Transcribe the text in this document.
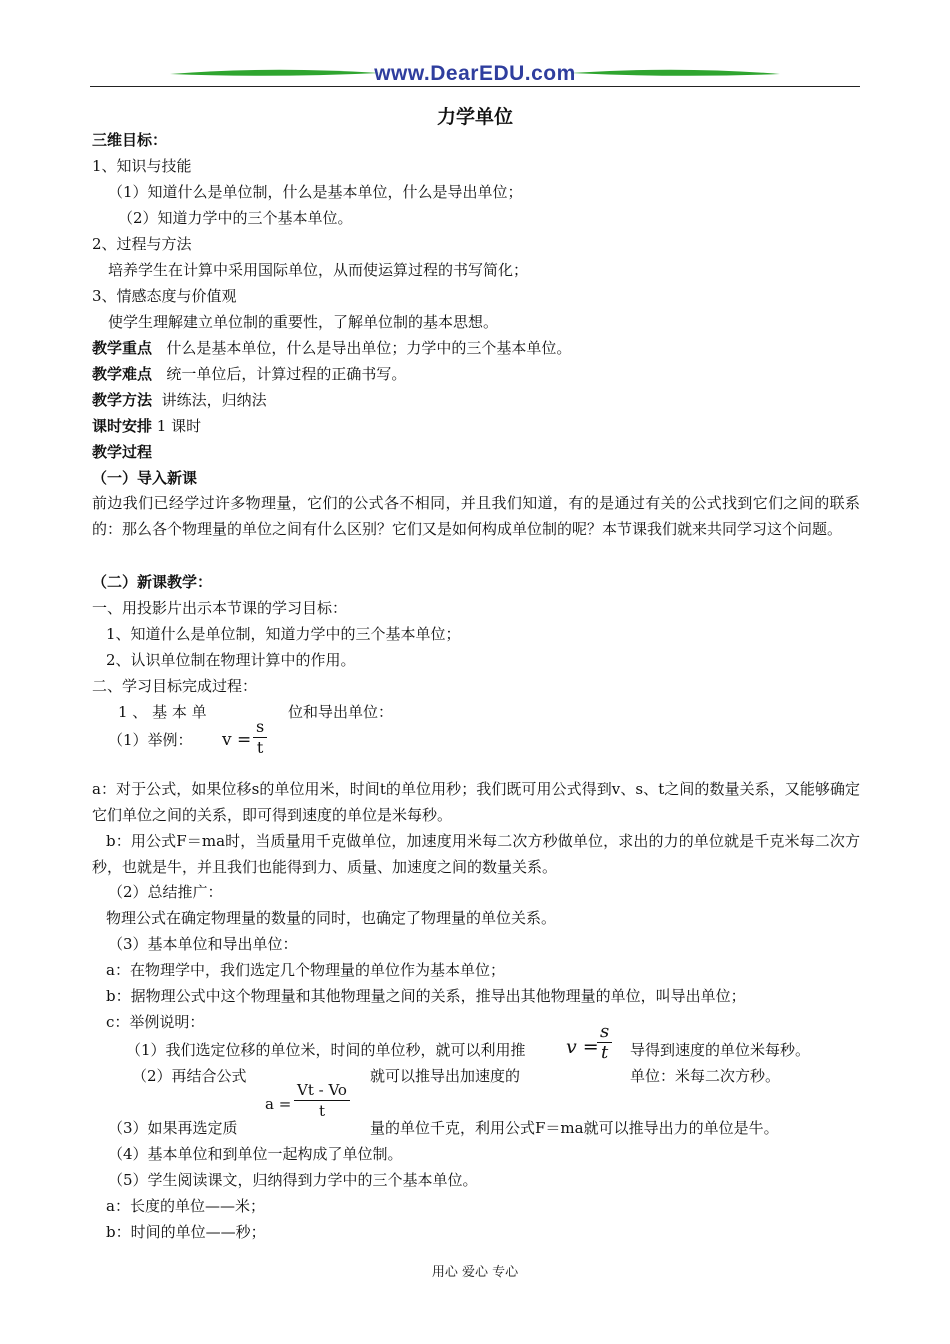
www.DearEDU.com
力学单位
三维目标：
1、知识与技能
（1）知道什么是单位制，什么是基本单位，什么是导出单位；
（2）知道力学中的三个基本单位。
2、过程与方法
培养学生在计算中采用国际单位，从而使运算过程的书写简化；
3、情感态度与价值观
使学生理解建立单位制的重要性，了解单位制的基本思想。
教学重点 什么是基本单位，什么是导出单位；力学中的三个基本单位。
教学难点 统一单位后，计算过程的正确书写。
教学方法 讲练法，归纳法
课时安排 1 课时
教学过程
（一）导入新课
前边我们已经学过许多物理量，它们的公式各不相同，并且我们知道，有的是通过有关的公式找到它们之间的联系的：那么各个物理量的单位之间有什么区别？它们又是如何构成单位制的呢？本节课我们就来共同学习这个问题。
（二）新课教学：
一、用投影片出示本节课的学习目标：
1、知道什么是单位制，知道力学中的三个基本单位；
2、认识单位制在物理计算中的作用。
二、学习目标完成过程：
1 、 基 本 单	位和导出单位：
（1）举例： $v = \frac{s}{t}$
a：对于公式，如果位移s的单位用米，时间t的单位用秒；我们既可用公式得到v、s、t之间的数量关系，又能够确定它们单位之间的关系，即可得到速度的单位是米每秒。
b：用公式F＝ma时，当质量用千克做单位，加速度用米每二次方秒做单位，求出的力的单位就是千克米每二次方秒，也就是牛，并且我们也能得到力、质量、加速度之间的数量关系。
（2）总结推广：
物理公式在确定物理量的数量的同时，也确定了物理量的单位关系。
（3）基本单位和导出单位：
a：在物理学中，我们选定几个物理量的单位作为基本单位；
b：据物理公式中这个物理量和其他物理量之间的关系，推导出其他物理量的单位，叫导出单位；
c：举例说明：
（1）我们选定位移的单位米，时间的单位秒，就可以利用推 v =
$\frac{s}{t}$ 导得到速度的单位米每秒。
（2）再结合公式	就可以推导出加速度的	单位：米每二次方秒。
$a = \frac{Vt - Vo}{t}$
（3）如果再选定质	量的单位千克，利用公式F＝ma就可以推导出力的单位是牛。
（4）基本单位和到单位一起构成了单位制。
（5）学生阅读课文，归纳得到力学中的三个基本单位。
a：长度的单位——米；
b：时间的单位——秒；
用心 爱心 专心
